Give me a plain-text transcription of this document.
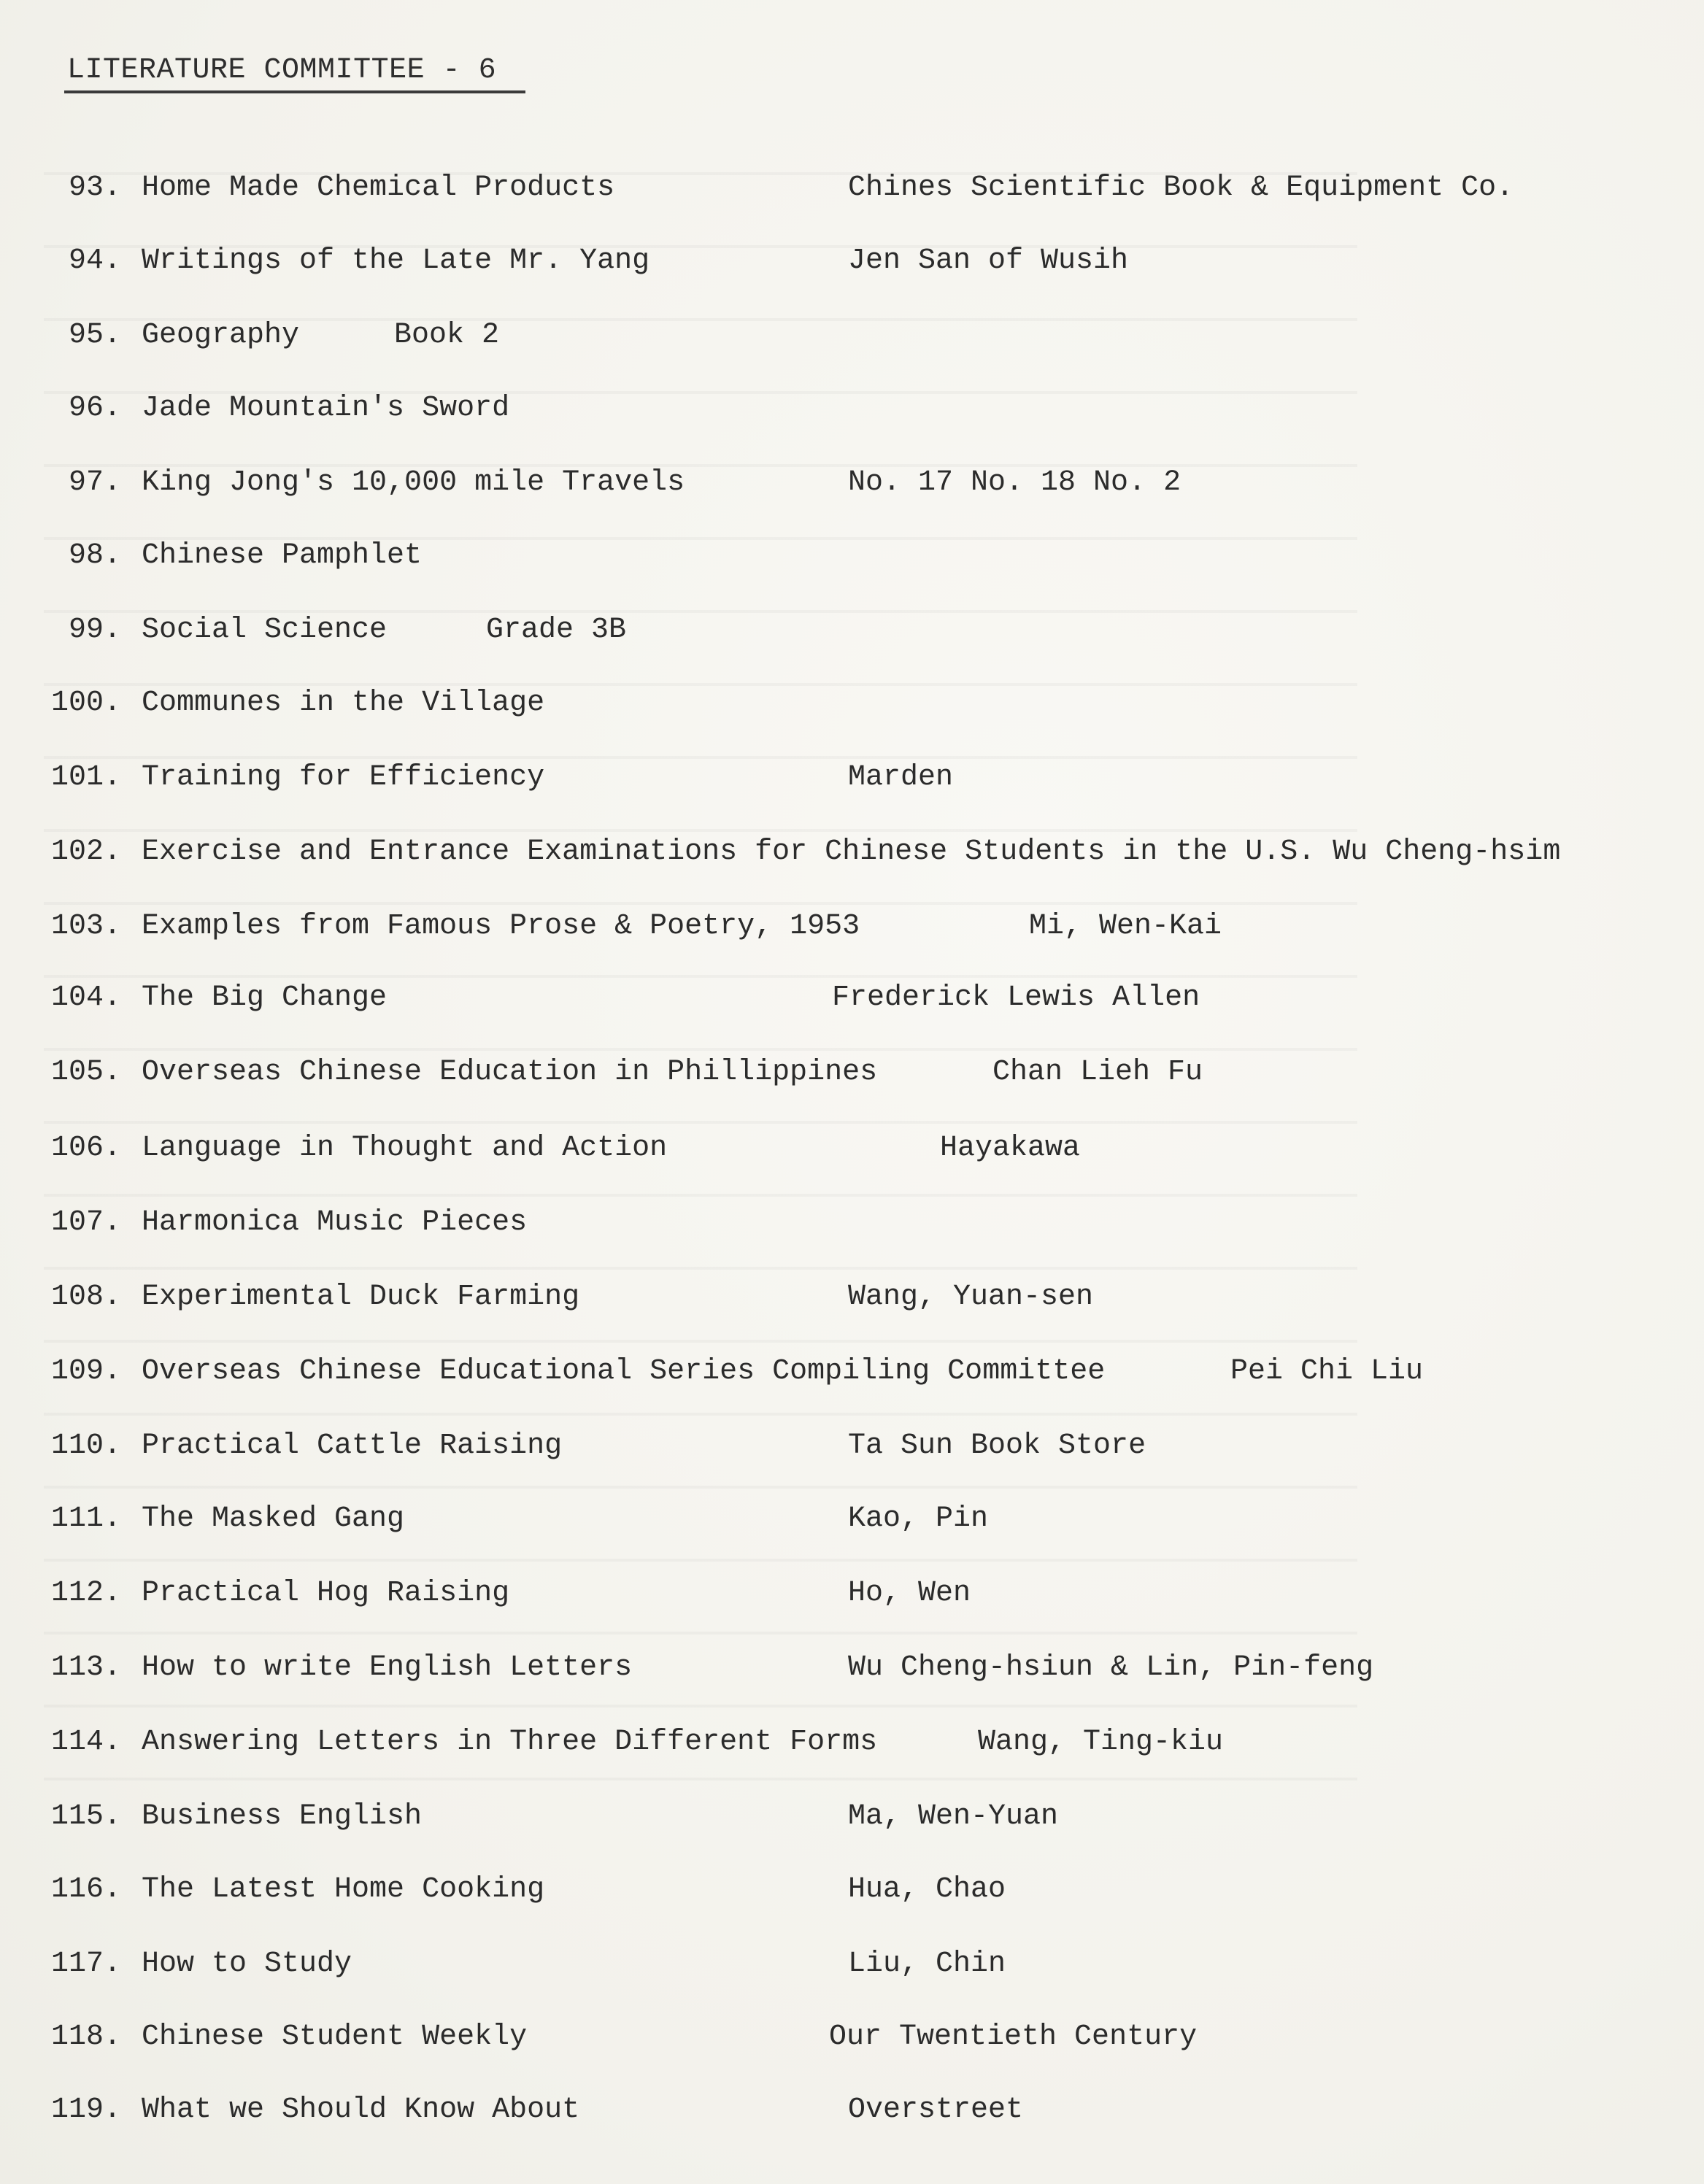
LITERATURE COMMITTEE - 6
93. Home Made Chemical Products	Chines Scientific Book & Equipment Co.
94. Writings of the Late Mr. Yang	Jen San of Wusih
95. Geography	Book 2
96. Jade Mountain's Sword
97. King Jong's 10,000 mile Travels	No. 17 No. 18 No. 2
98. Chinese Pamphlet
99. Social Science	Grade 3B
100. Communes in the Village
101. Training for Efficiency	Marden
102. Exercise and Entrance Examinations for Chinese Students in the U.S. Wu Cheng-hsim
103. Examples from Famous Prose & Poetry, 1953	Mi, Wen-Kai
104. The Big Change	Frederick Lewis Allen
105. Overseas Chinese Education in Phillippines	Chan Lieh Fu
106. Language in Thought and Action	Hayakawa
107. Harmonica Music Pieces
108. Experimental Duck Farming	Wang, Yuan-sen
109. Overseas Chinese Educational Series Compiling Committee	Pei Chi Liu
110. Practical Cattle Raising	Ta Sun Book Store
111. The Masked Gang	Kao, Pin
112. Practical Hog Raising	Ho, Wen
113. How to write English Letters	Wu Cheng-hsiun & Lin, Pin-feng
114. Answering Letters in Three Different Forms	Wang, Ting-kiu
115. Business English	Ma, Wen-Yuan
116. The Latest Home Cooking	Hua, Chao
117. How to Study	Liu, Chin
118. Chinese Student Weekly	Our Twentieth Century
119. What we Should Know About	Overstreet
